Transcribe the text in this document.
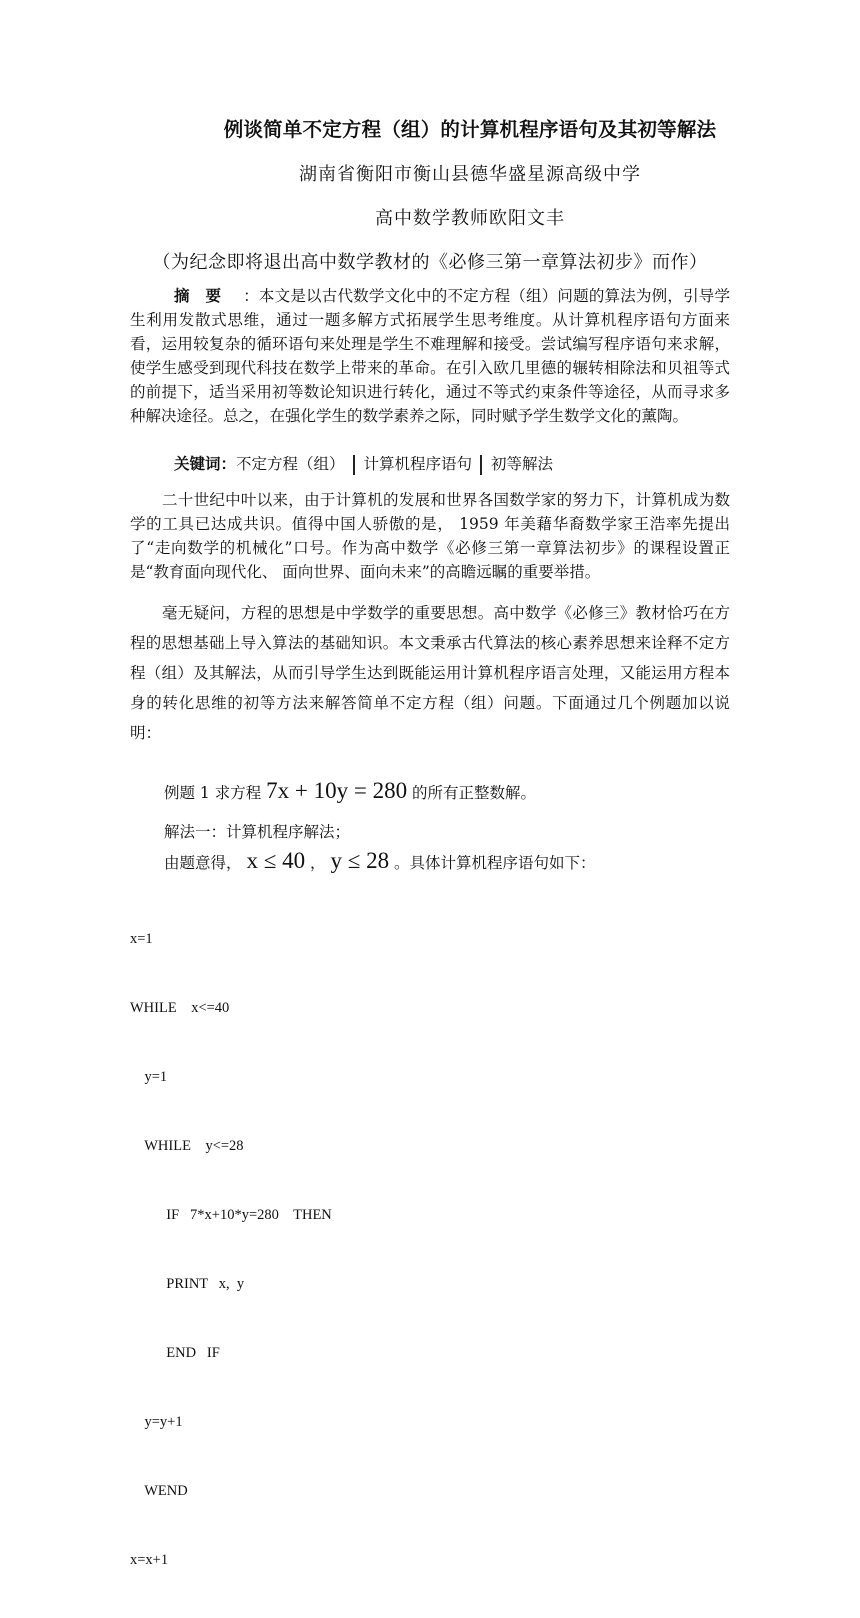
例谈简单不定方程（组）的计算机程序语句及其初等解法
湖南省衡阳市衡山县德华盛星源高级中学
高中数学教师欧阳文丰
（为纪念即将退出高中数学教材的《必修三第一章算法初步》而作）
摘要 ：本文是以古代数学文化中的不定方程（组）问题的算法为例，引导学生利用发散式思维，通过一题多解方式拓展学生思考维度。从计算机程序语句方面来看，运用较复杂的循环语句来处理是学生不难理解和接受。尝试编写程序语句来求解，使学生感受到现代科技在数学上带来的革命。在引入欧几里德的辗转相除法和贝祖等式的前提下，适当采用初等数论知识进行转化，通过不等式约束条件等途径，从而寻求多种解决途径。总之，在强化学生的数学素养之际，同时赋予学生数学文化的薰陶。
关键词：不定方程（组） 计算机程序语句 初等解法
二十世纪中叶以来，由于计算机的发展和世界各国数学家的努力下，计算机成为数学的工具已达成共识。值得中国人骄傲的是， 1959 年美藉华裔数学家王浩率先提出了“走向数学的机械化”口号。作为高中数学《必修三第一章算法初步》的课程设置正是“教育面向现代化、 面向世界、面向未来”的高瞻远瞩的重要举措。
毫无疑问，方程的思想是中学数学的重要思想。高中数学《必修三》教材恰巧在方程的思想基础上导入算法的基础知识。本文秉承古代算法的核心素养思想来诠释不定方程（组）及其解法，从而引导学生达到既能运用计算机程序语言处理，又能运用方程本身的转化思维的初等方法来解答简单不定方程（组）问题。下面通过几个例题加以说明：
例题 1 求方程 7x + 10y = 280 的所有正整数解。
解法一：计算机程序解法；
由题意得， x ≤ 40 ， y ≤ 28 。具体计算机程序语句如下：

x=1

WHILE    x<=40

y=1

WHILE    y<=28

IF   7*x+10*y=280    THEN

PRINT   x,  y

END   IF

y=y+1

WEND

x=x+1
